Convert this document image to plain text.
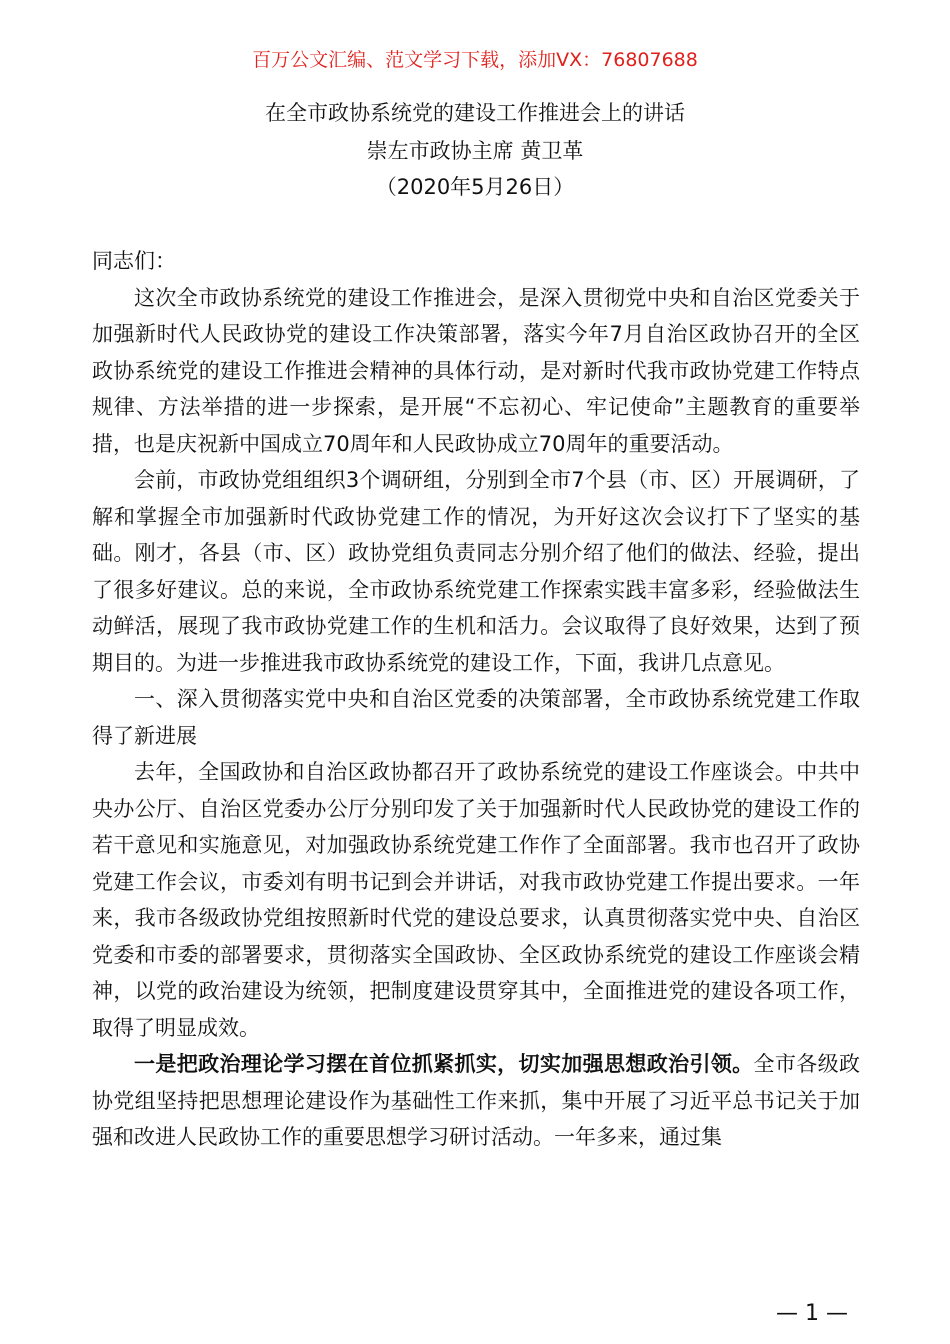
百万公文汇编、范文学习下载，添加VX：76807688
在全市政协系统党的建设工作推进会上的讲话
崇左市政协主席 黄卫革
（2020年5月26日）

同志们：

这次全市政协系统党的建设工作推进会，是深入贯彻党中央和自治区党委关于加强新时代人民政协党的建设工作决策部署，落实今年7月自治区政协召开的全区政协系统党的建设工作推进会精神的具体行动，是对新时代我市政协党建工作特点规律、方法举措的进一步探索，是开展“不忘初心、牢记使命”主题教育的重要举措，也是庆祝新中国成立70周年和人民政协成立70周年的重要活动。

会前，市政协党组组织3个调研组，分别到全市7个县（市、区）开展调研，了解和掌握全市加强新时代政协党建工作的情况，为开好这次会议打下了坚实的基础。刚才，各县（市、区）政协党组负责同志分别介绍了他们的做法、经验，提出了很多好建议。总的来说，全市政协系统党建工作探索实践丰富多彩，经验做法生动鲜活，展现了我市政协党建工作的生机和活力。会议取得了良好效果，达到了预期目的。为进一步推进我市政协系统党的建设工作，下面，我讲几点意见。

一、深入贯彻落实党中央和自治区党委的决策部署，全市政协系统党建工作取得了新进展

去年，全国政协和自治区政协都召开了政协系统党的建设工作座谈会。中共中央办公厅、自治区党委办公厅分别印发了关于加强新时代人民政协党的建设工作的若干意见和实施意见，对加强政协系统党建工作作了全面部署。我市也召开了政协党建工作会议，市委刘有明书记到会并讲话，对我市政协党建工作提出要求。一年来，我市各级政协党组按照新时代党的建设总要求，认真贯彻落实党中央、自治区党委和市委的部署要求，贯彻落实全国政协、全区政协系统党的建设工作座谈会精神，以党的政治建设为统领，把制度建设贯穿其中，全面推进党的建设各项工作，取得了明显成效。

一是把政治理论学习摆在首位抓紧抓实，切实加强思想政治引领。全市各级政协党组坚持把思想理论建设作为基础性工作来抓，集中开展了习近平总书记关于加强和改进人民政协工作的重要思想学习研讨活动。一年多来，通过集

— 1 —
